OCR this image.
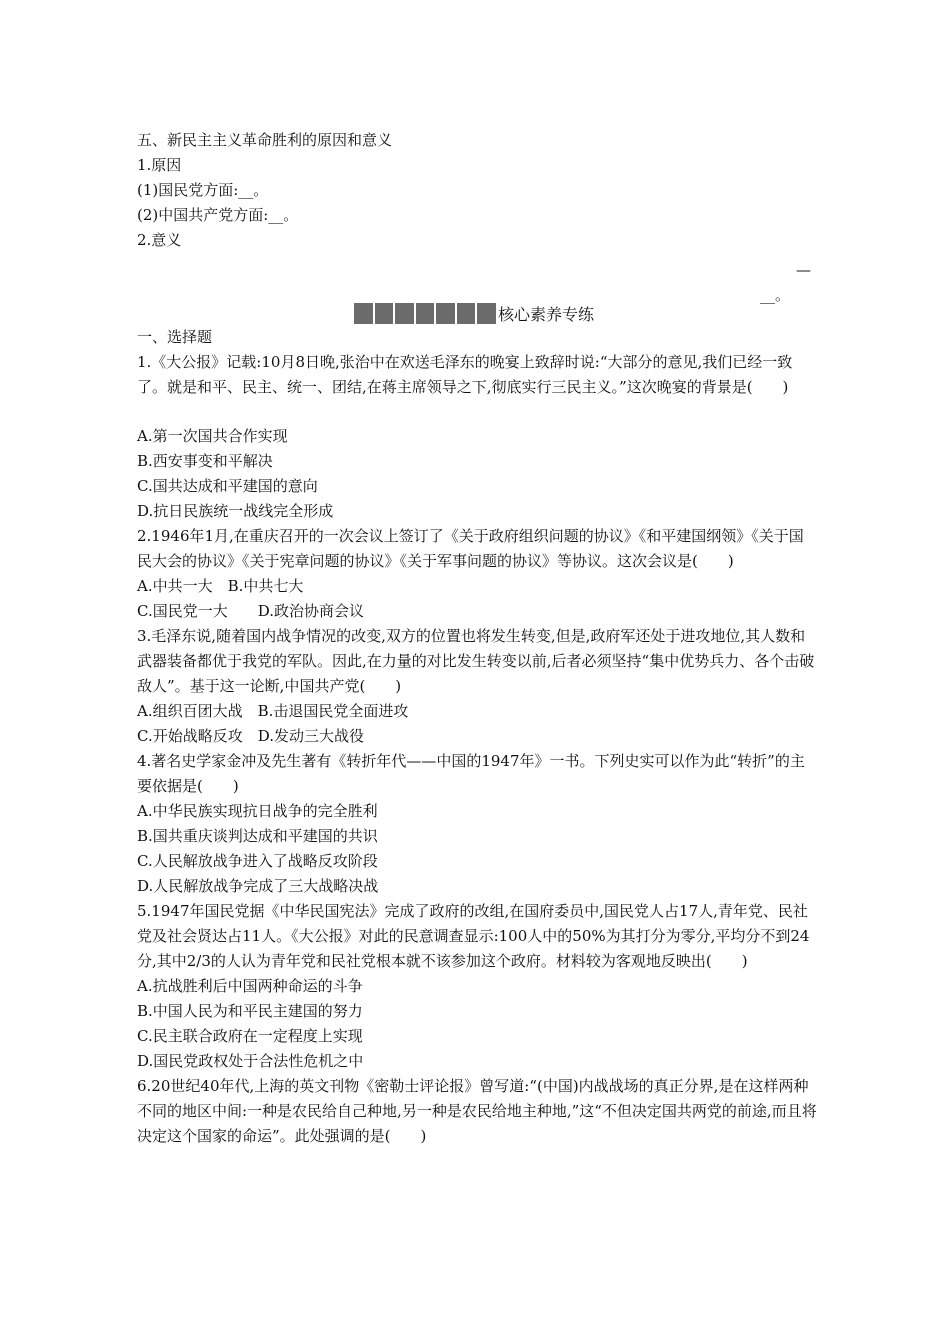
五、新民主主义革命胜利的原因和意义
1.原因
(1)国民党方面:__。
(2)中国共产党方面:__。
2.意义
—
__。
核心素养专练
一、选择题
1.《大公报》记载:10月8日晚,张治中在欢送毛泽东的晚宴上致辞时说:“大部分的意见,我们已经一致了。就是和平、民主、统一、团结,在蒋主席领导之下,彻底实行三民主义。”这次晚宴的背景是(　　)
A.第一次国共合作实现
B.西安事变和平解决
C.国共达成和平建国的意向
D.抗日民族统一战线完全形成
2.1946年1月,在重庆召开的一次会议上签订了《关于政府组织问题的协议》《和平建国纲领》《关于国民大会的协议》《关于宪章问题的协议》《关于军事问题的协议》等协议。这次会议是(　　)
A.中共一大　B.中共七大
C.国民党一大　　D.政治协商会议
3.毛泽东说,随着国内战争情况的改变,双方的位置也将发生转变,但是,政府军还处于进攻地位,其人数和武器装备都优于我党的军队。因此,在力量的对比发生转变以前,后者必须坚持“集中优势兵力、各个击破敌人”。基于这一论断,中国共产党(　　)
A.组织百团大战　B.击退国民党全面进攻
C.开始战略反攻　D.发动三大战役
4.著名史学家金冲及先生著有《转折年代——中国的1947年》一书。下列史实可以作为此“转折”的主要依据是(　　)
A.中华民族实现抗日战争的完全胜利
B.国共重庆谈判达成和平建国的共识
C.人民解放战争进入了战略反攻阶段
D.人民解放战争完成了三大战略决战
5.1947年国民党据《中华民国宪法》完成了政府的改组,在国府委员中,国民党人占17人,青年党、民社党及社会贤达占11人。《大公报》对此的民意调查显示:100人中的50%为其打分为零分,平均分不到24分,其中2/3的人认为青年党和民社党根本就不该参加这个政府。材料较为客观地反映出(　　)
A.抗战胜利后中国两种命运的斗争
B.中国人民为和平民主建国的努力
C.民主联合政府在一定程度上实现
D.国民党政权处于合法性危机之中
6.20世纪40年代,上海的英文刊物《密勒士评论报》曾写道:“(中国)内战战场的真正分界,是在这样两种不同的地区中间:一种是农民给自己种地,另一种是农民给地主种地,”这“不但决定国共两党的前途,而且将决定这个国家的命运”。此处强调的是(　　)
